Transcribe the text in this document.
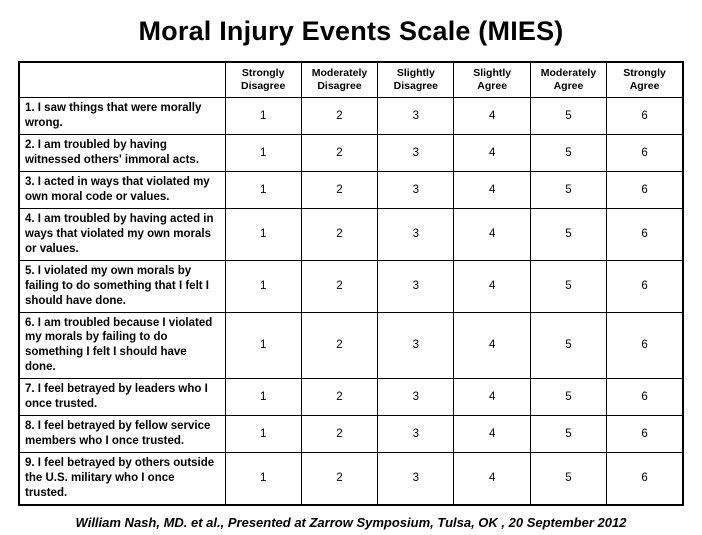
Moral Injury Events Scale (MIES)
	Strongly Disagree	Moderately Disagree	Slightly Disagree	Slightly Agree	Moderately Agree	Strongly Agree
1. I saw things that were morally wrong.	1	2	3	4	5	6
2. I am troubled by having witnessed others' immoral acts.	1	2	3	4	5	6
3. I acted in ways that violated my own moral code or values.	1	2	3	4	5	6
4. I am troubled by having acted in ways that violated my own morals or values.	1	2	3	4	5	6
5. I violated my own morals by failing to do something that I felt I should have done.	1	2	3	4	5	6
6. I am troubled because I violated my morals by failing to do something I felt I should have done.	1	2	3	4	5	6
7. I feel betrayed by leaders who I once trusted.	1	2	3	4	5	6
8. I feel betrayed by fellow service members who I once trusted.	1	2	3	4	5	6
9. I feel betrayed by others outside the U.S. military who I once trusted.	1	2	3	4	5	6
William Nash, MD. et al., Presented at Zarrow Symposium, Tulsa, OK , 20 September 2012
